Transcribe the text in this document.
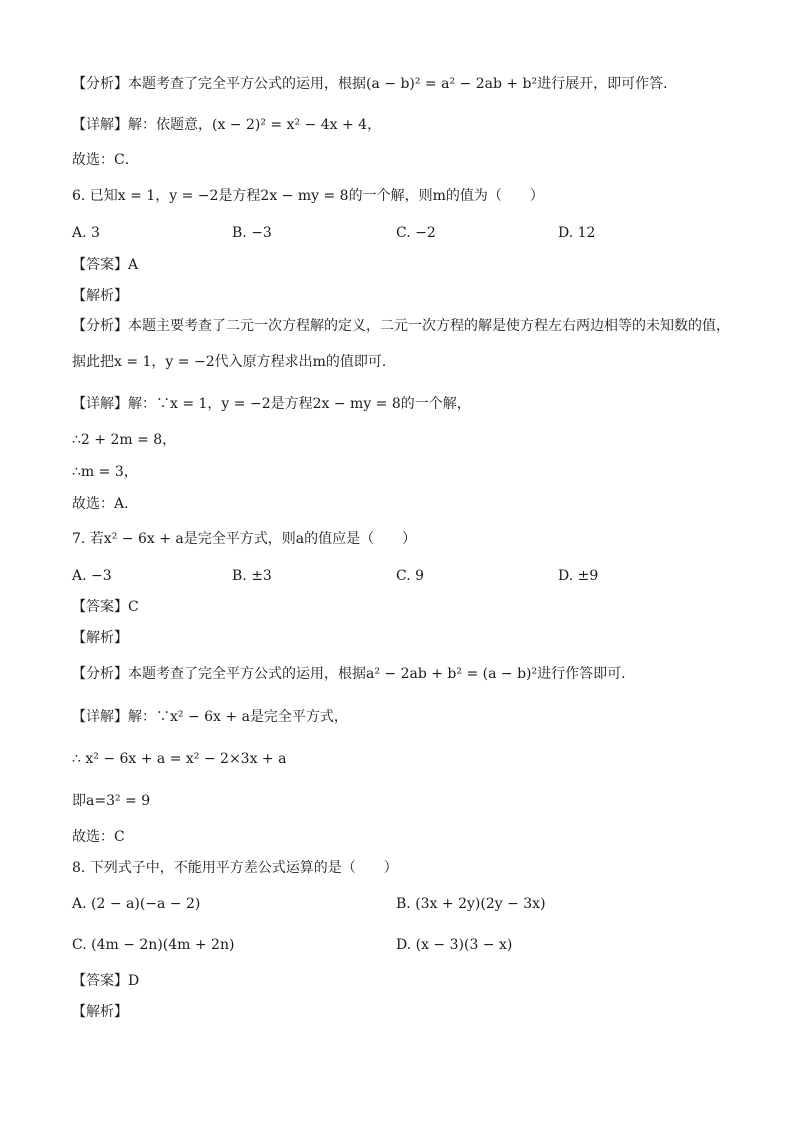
【分析】本题考查了完全平方公式的运用，根据(a − b)² = a² − 2ab + b²进行展开，即可作答．
【详解】解：依题意，(x − 2)² = x² − 4x + 4，
故选：C．
6. 已知x = 1，y = −2是方程2x − my = 8的一个解，则m的值为（　　）
A. 3	B. −3	C. −2	D. 12
【答案】A
【解析】
【分析】本题主要考查了二元一次方程解的定义，二元一次方程的解是使方程左右两边相等的未知数的值，
据此把x = 1，y = −2代入原方程求出m的值即可．
【详解】解：∵x = 1，y = −2是方程2x − my = 8的一个解，
∴2 + 2m = 8，
∴m = 3，
故选：A．
7. 若x² − 6x + a是完全平方式，则a的值应是（　　）
A. −3	B. ±3	C. 9	D. ±9
【答案】C
【解析】
【分析】本题考查了完全平方公式的运用，根据a² − 2ab + b² = (a − b)²进行作答即可．
【详解】解：∵x² − 6x + a是完全平方式，
∴ x² − 6x + a = x² − 2×3x + a
即a=3² = 9
故选：C
8. 下列式子中，不能用平方差公式运算的是（　　）
A. (2 − a)(−a − 2)	B. (3x + 2y)(2y − 3x)
C. (4m − 2n)(4m + 2n)	D. (x − 3)(3 − x)
【答案】D
【解析】
